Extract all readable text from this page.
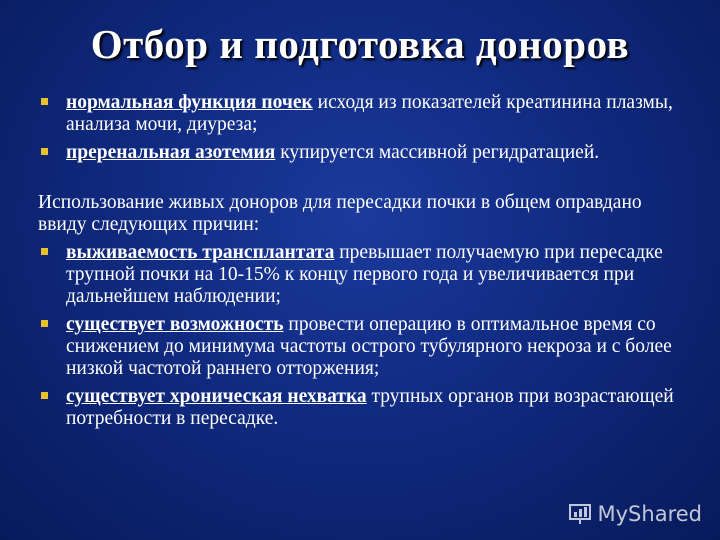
Отбор и подготовка доноров
нормальная функция почек исходя из показателей креатинина плазмы, анализа мочи, диуреза;
преренальная азотемия купируется массивной регидратацией.
Использование живых доноров для пересадки почки в общем оправдано ввиду следующих причин:
выживаемость трансплантата превышает получаемую при пересадке трупной почки на 10-15% к концу первого года и увеличивается при дальнейшем наблюдении;
существует возможность провести операцию в оптимальное время со снижением до минимума частоты острого тубулярного некроза и с более низкой частотой раннего отторжения;
существует хроническая нехватка трупных органов при возрастающей потребности в пересадке.
MyShared
